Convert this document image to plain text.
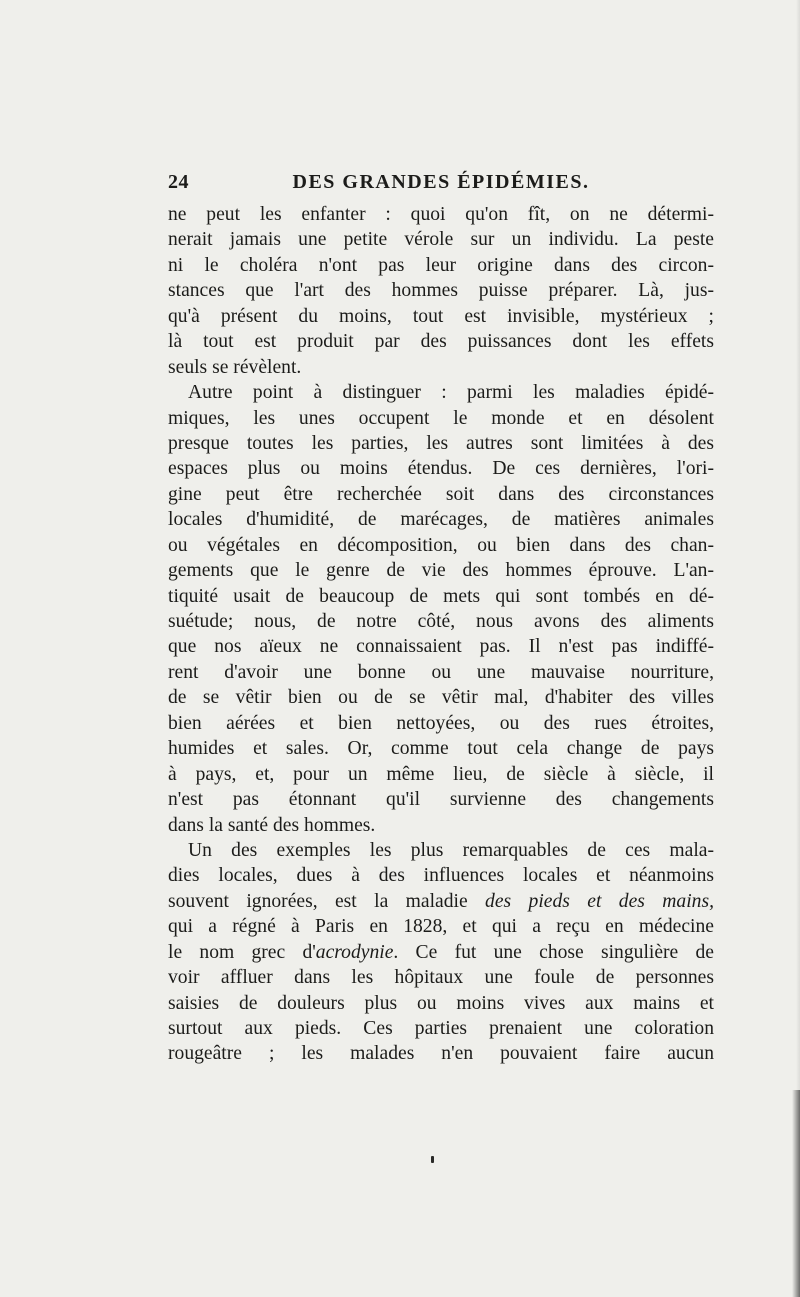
24	DES GRANDES ÉPIDÉMIES.
ne peut les enfanter : quoi qu'on fît, on ne détermi-
nerait jamais une petite vérole sur un individu. La peste
ni le choléra n'ont pas leur origine dans des circon-
stances que l'art des hommes puisse préparer. Là, jus-
qu'à présent du moins, tout est invisible, mystérieux ;
là tout est produit par des puissances dont les effets
seuls se révèlent.
Autre point à distinguer : parmi les maladies épidé-
miques, les unes occupent le monde et en désolent
presque toutes les parties, les autres sont limitées à des
espaces plus ou moins étendus. De ces dernières, l'ori-
gine peut être recherchée soit dans des circonstances
locales d'humidité, de marécages, de matières animales
ou végétales en décomposition, ou bien dans des chan-
gements que le genre de vie des hommes éprouve. L'an-
tiquité usait de beaucoup de mets qui sont tombés en dé-
suétude; nous, de notre côté, nous avons des aliments
que nos aïeux ne connaissaient pas. Il n'est pas indiffé-
rent d'avoir une bonne ou une mauvaise nourriture,
de se vêtir bien ou de se vêtir mal, d'habiter des villes
bien aérées et bien nettoyées, ou des rues étroites,
humides et sales. Or, comme tout cela change de pays
à pays, et, pour un même lieu, de siècle à siècle, il
n'est pas étonnant qu'il survienne des changements
dans la santé des hommes.
Un des exemples les plus remarquables de ces mala-
dies locales, dues à des influences locales et néanmoins
souvent ignorées, est la maladie des pieds et des mains,
qui a régné à Paris en 1828, et qui a reçu en médecine
le nom grec d'acrodynie. Ce fut une chose singulière de
voir affluer dans les hôpitaux une foule de personnes
saisies de douleurs plus ou moins vives aux mains et
surtout aux pieds. Ces parties prenaient une coloration
rougeâtre ; les malades n'en pouvaient faire aucun
